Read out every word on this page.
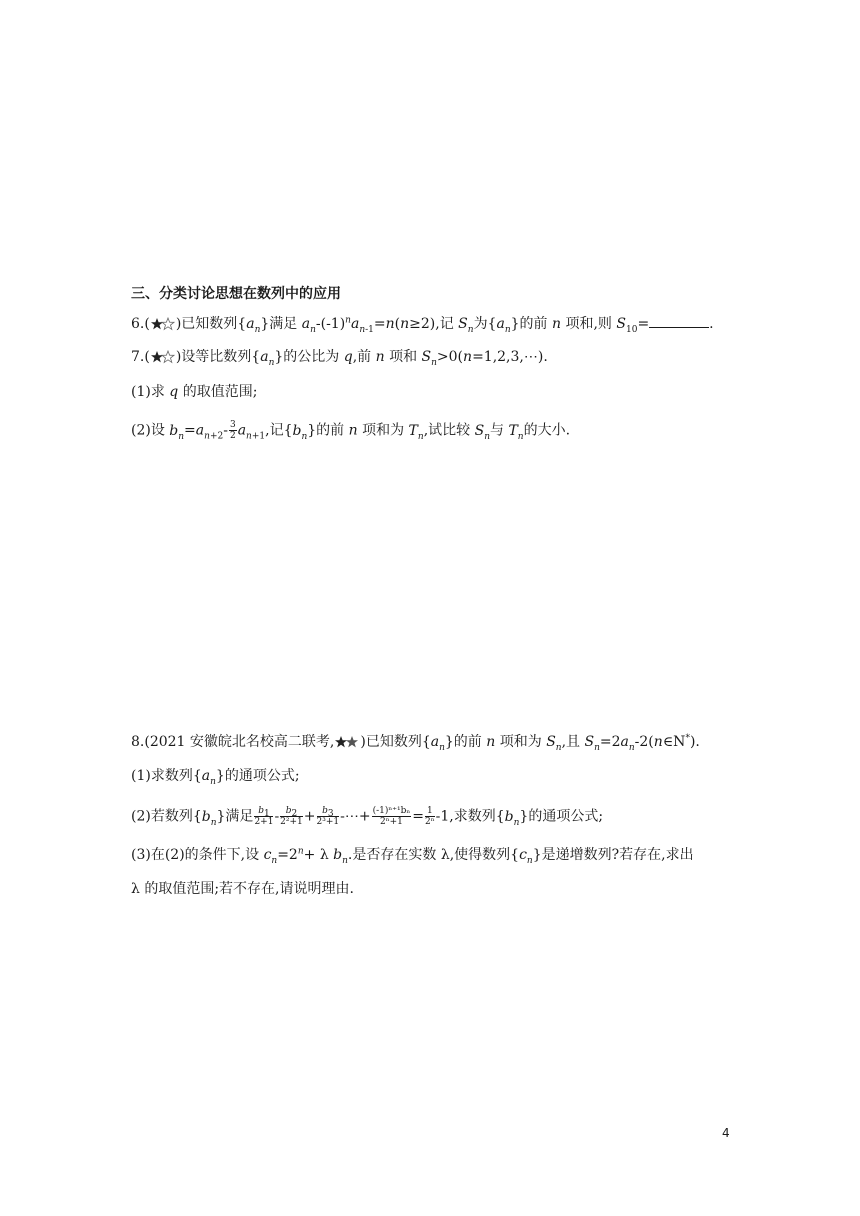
三、分类讨论思想在数列中的应用
6.( )已知数列$\{a_n\}$满足 $a_n-(-1)^na_{n-1}=n(n\ge 2)$,记 $S_n$为$\{a_n\}$的前 n 项和,则 $S_{10}=$	.
7.( )设等比数列$\{a_n\}$的公比为 q,前 n 项和 $S_n>0(n=1,2,3,\cdots)$.
(1)求 q 的取值范围;
(2)设 $b_n=a_{n+2}- \frac{3}{2} a_{n+1}$,记$\{b_n\}$的前 n 项和为 $T_n$,试比较 $S_n$与 $T_n$的大小.
8.(2021 安徽皖北名校高二联考, )已知数列$\{a_n\}$的前 n 项和为 $S_n$,且 $S_n=2a_n-2(n\in N^*)$.
(1)求数列$\{a_n\}$的通项公式;
(2)若数列$\{b_n\}$满足 $\frac{b_1}{2+1} - \frac{b_2}{\text{2²+1}} + \frac{b_3}{\text{2³+1}}$ -⋯+ $\frac{\text{(-1)ⁿ⁺¹bₙ}}{\text{2ⁿ+1}} = \frac{1}{\text{2ⁿ}} -1$,求数列$\{b_n\}$的通项公式;
(3)在(2)的条件下,设 $c_n=2^n+ \lambda$ $b_n$.是否存在实数 λ,使得数列$\{c_n\}$是递增数列?若存在,求出
λ 的取值范围;若不存在,请说明理由.
4
